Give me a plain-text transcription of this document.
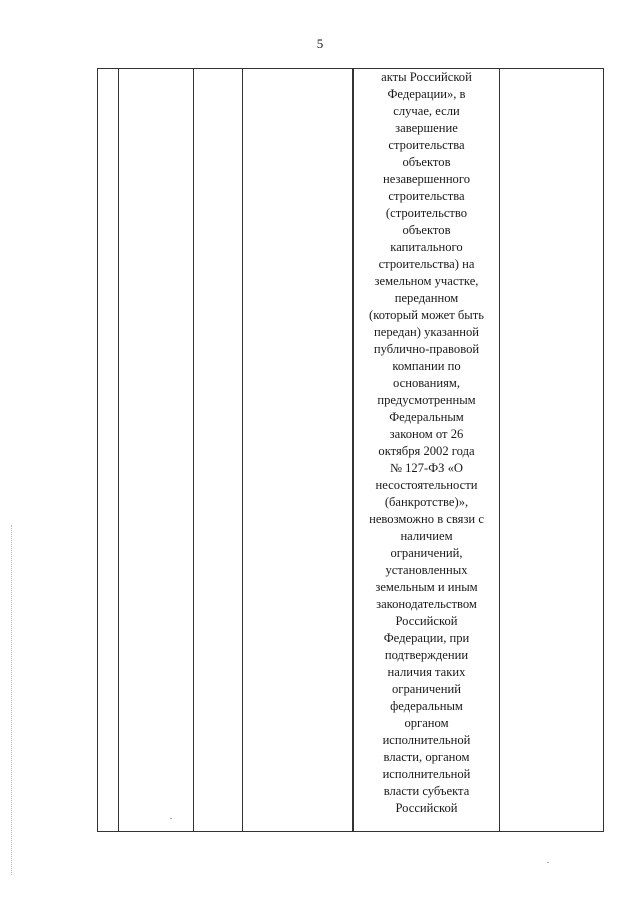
5

акты Российской
Федерации», в
случае, если
завершение
строительства
объектов
незавершенного
строительства
(строительство
объектов
капитального
строительства) на
земельном участке,
переданном
(который может быть
передан) указанной
публично-правовой
компании по
основаниям,
предусмотренным
Федеральным
законом от 26
октября 2002 года
№ 127-ФЗ «О
несостоятельности
(банкротстве)»,
невозможно в связи с
наличием
ограничений,
установленных
земельным и иным
законодательством
Российской
Федерации, при
подтверждении
наличия таких
ограничений
федеральным
органом
исполнительной
власти, органом
исполнительной
власти субъекта
Российской
